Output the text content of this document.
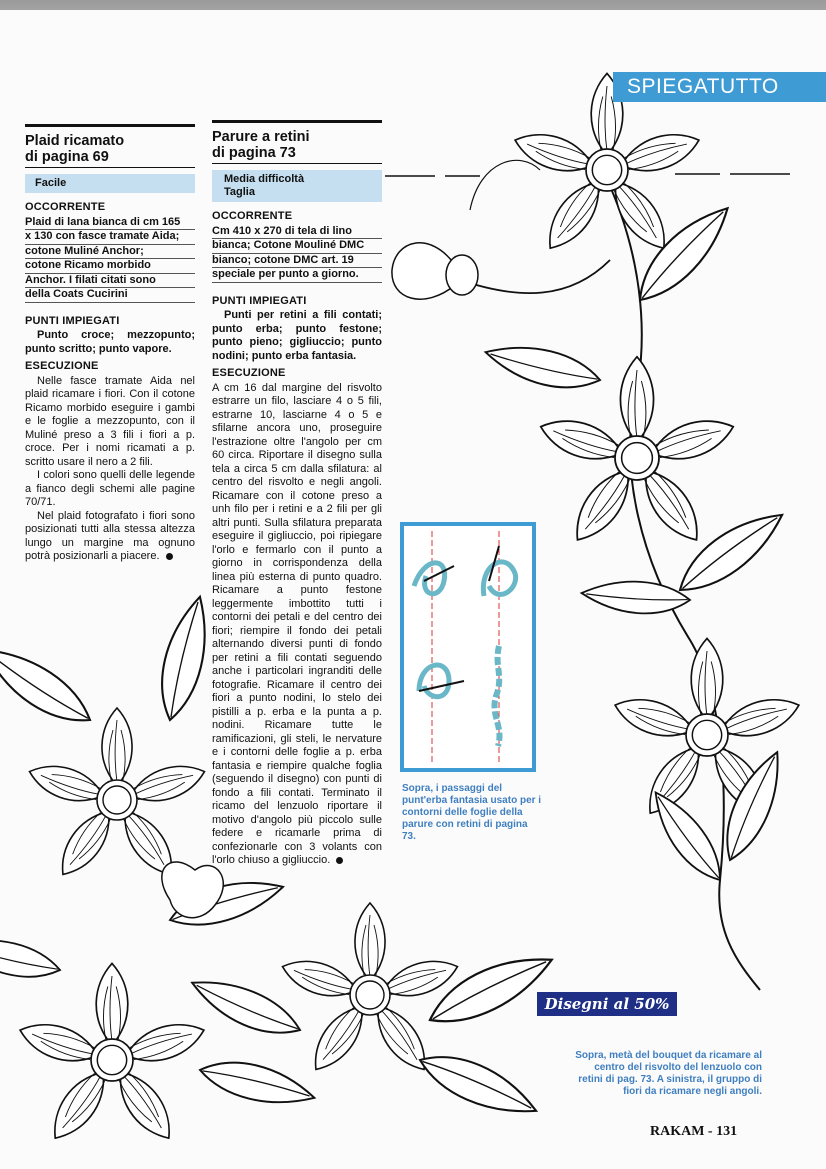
SPIEGATUTTO
Plaid ricamato
di pagina 69
Facile
OCCORRENTE
Plaid di lana bianca di cm 165
x 130 con fasce tramate Aida;
cotone Muliné Anchor;
cotone Ricamo morbido
Anchor. I filati citati sono
della Coats Cucirini
PUNTI IMPIEGATI

Punto croce; mezzopunto; punto scritto; punto vapore.

ESECUZIONE

Nelle fasce tramate Aida nel plaid ricamare i fiori. Con il cotone Ricamo morbido eseguire i gambi e le foglie a mezzopunto, con il Muliné preso a 3 fili i fiori a p. croce. Per i nomi ricamati a p. scritto usare il nero a 2 fili.

I colori sono quelli delle legende a fianco degli schemi alle pagine 70/71.

Nel plaid fotografato i fiori sono posizionati tutti alla stessa altezza lungo un margine ma ognuno potrà posizionarli a piacere.

Parure a retini
di pagina 73
Media difficoltà
Taglia
OCCORRENTE
Cm 410 x 270 di tela di lino
bianca; Cotone Mouliné DMC
bianco; cotone DMC art. 19
speciale per punto a giorno.
PUNTI IMPIEGATI

Punti per retini a fili contati; punto erba; punto festone; punto pieno; gigliuccio; punto nodini; punto erba fantasia.

ESECUZIONE

A cm 16 dal margine del risvolto estrarre un filo, lasciare 4 o 5 fili, estrarne 10, lasciarne 4 o 5 e sfilarne ancora uno, proseguire l'estrazione oltre l'angolo per cm 60 circa. Riportare il disegno sulla tela a circa 5 cm dalla sfilatura: al centro del risvolto e negli angoli. Ricamare con il cotone preso a unh filo per i retini e a 2 fili per gli altri punti. Sulla sfilatura preparata eseguire il gigliuccio, poi ripiegare l'orlo e fermarlo con il punto a giorno in corrispondenza della linea più esterna di punto quadro. Ricamare a punto festone leggermente imbottito tutti i contorni dei petali e del centro dei fiori; riempire il fondo dei petali alternando diversi punti di fondo per retini a fili contati seguendo anche i particolari ingranditi delle fotografie. Ricamare il centro dei fiori a punto nodini, lo stelo dei pistilli a p. erba e la punta a p. nodini. Ricamare tutte le ramificazioni, gli steli, le nervature e i contorni delle foglie a p. erba fantasia e riempire qualche foglia (seguendo il disegno) con punti di fondo a fili contati. Terminato il ricamo del lenzuolo riportare il motivo d'angolo più piccolo sulle federe e ricamarle prima di confezionarle con 3 volants con l'orlo chiuso a gigliuccio.

Sopra, i passaggi del punt'erba fantasia usato per i contorni delle foglie della parure con retini di pagina 73.
Disegni al 50%
Sopra, metà del bouquet da ricamare al centro del risvolto del lenzuolo con retini di pag. 73. A sinistra, il gruppo di fiori da ricamare negli angoli.
RAKAM - 131
